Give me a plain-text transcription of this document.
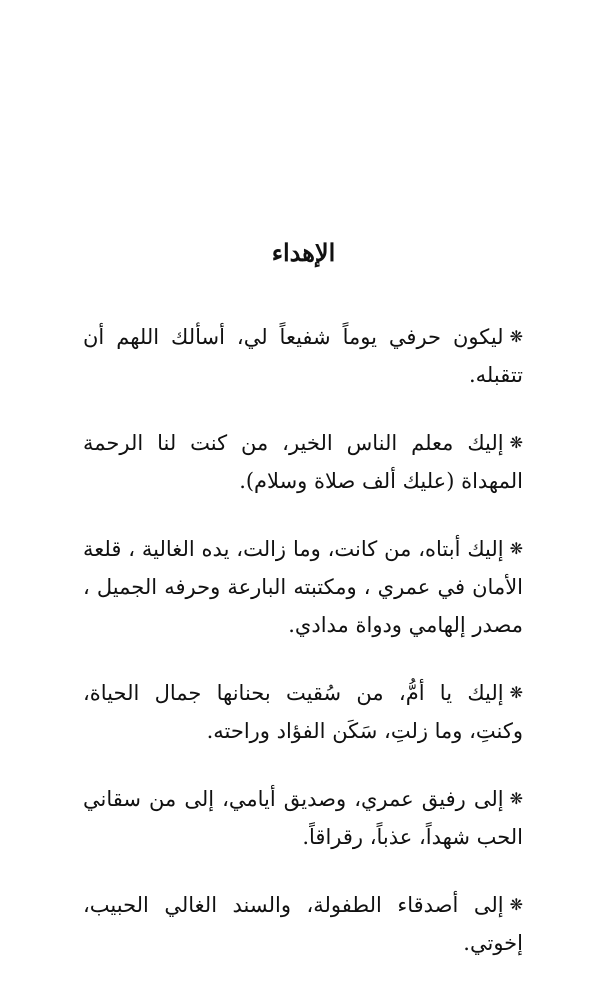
الإهداء
❋ليكون حرفي يوماً شفيعاً لي، أسألك اللهم أن تتقبله.
❋إليك معلم الناس الخير، من كنت لنا الرحمة المهداة (عليك ألف صلاة وسلام).
❋إليك أبتاه، من كانت، وما زالت، يده الغالية ، قلعة الأمان في عمري ، ومكتبته البارعة وحرفه الجميل ، مصدر إلهامي ودواة مدادي.
❋إليك يا أمُّ، من سُقيت بحنانها جمال الحياة، وكنتِ، وما زلتِ، سَكَن الفؤاد وراحته.
❋إلى رفيق عمري، وصديق أيامي، إلى من سقاني الحب شهداً، عذباً، رقراقاً.
❋إلى أصدقاء الطفولة، والسند الغالي الحبيب، إخوتي.
